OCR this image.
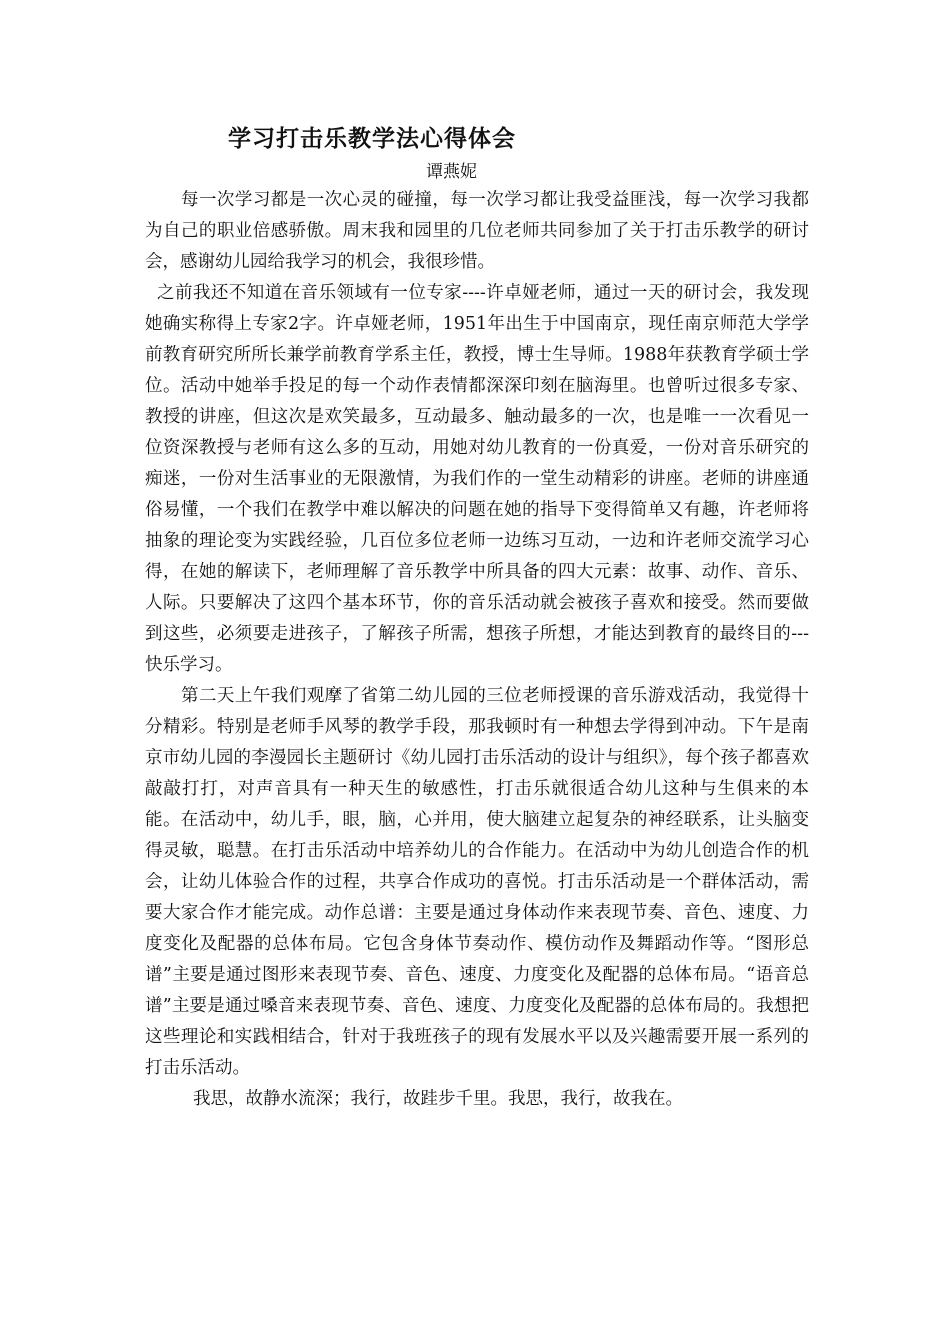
学习打击乐教学法心得体会
谭燕妮

每一次学习都是一次心灵的碰撞，每一次学习都让我受益匪浅，每一次学习我都为自己的职业倍感骄傲。周末我和园里的几位老师共同参加了关于打击乐教学的研讨会，感谢幼儿园给我学习的机会，我很珍惜。

之前我还不知道在音乐领域有一位专家----许卓娅老师，通过一天的研讨会，我发现她确实称得上专家2字。许卓娅老师，1951年出生于中国南京，现任南京师范大学学前教育研究所所长兼学前教育学系主任，教授，博士生导师。1988年获教育学硕士学位。活动中她举手投足的每一个动作表情都深深印刻在脑海里。也曾听过很多专家、教授的讲座，但这次是欢笑最多，互动最多、触动最多的一次，也是唯一一次看见一位资深教授与老师有这么多的互动，用她对幼儿教育的一份真爱，一份对音乐研究的痴迷，一份对生活事业的无限激情，为我们作的一堂生动精彩的讲座。老师的讲座通俗易懂，一个我们在教学中难以解决的问题在她的指导下变得简单又有趣，许老师将抽象的理论变为实践经验，几百位多位老师一边练习互动，一边和许老师交流学习心得，在她的解读下，老师理解了音乐教学中所具备的四大元素：故事、动作、音乐、人际。只要解决了这四个基本环节，你的音乐活动就会被孩子喜欢和接受。然而要做到这些，必须要走进孩子，了解孩子所需，想孩子所想，才能达到教育的最终目的---快乐学习。

第二天上午我们观摩了省第二幼儿园的三位老师授课的音乐游戏活动，我觉得十分精彩。特别是老师手风琴的教学手段，那我顿时有一种想去学得到冲动。下午是南京市幼儿园的李漫园长主题研讨《幼儿园打击乐活动的设计与组织》，每个孩子都喜欢敲敲打打，对声音具有一种天生的敏感性，打击乐就很适合幼儿这种与生俱来的本能。在活动中，幼儿手，眼，脑，心并用，使大脑建立起复杂的神经联系，让头脑变得灵敏，聪慧。在打击乐活动中培养幼儿的合作能力。在活动中为幼儿创造合作的机会，让幼儿体验合作的过程，共享合作成功的喜悦。打击乐活动是一个群体活动，需要大家合作才能完成。动作总谱：主要是通过身体动作来表现节奏、音色、速度、力度变化及配器的总体布局。它包含身体节奏动作、模仿动作及舞蹈动作等。“图形总谱”主要是通过图形来表现节奏、音色、速度、力度变化及配器的总体布局。“语音总谱”主要是通过嗓音来表现节奏、音色、速度、力度变化及配器的总体布局的。我想把这些理论和实践相结合，针对于我班孩子的现有发展水平以及兴趣需要开展一系列的打击乐活动。

我思，故静水流深；我行，故跬步千里。我思，我行，故我在。
